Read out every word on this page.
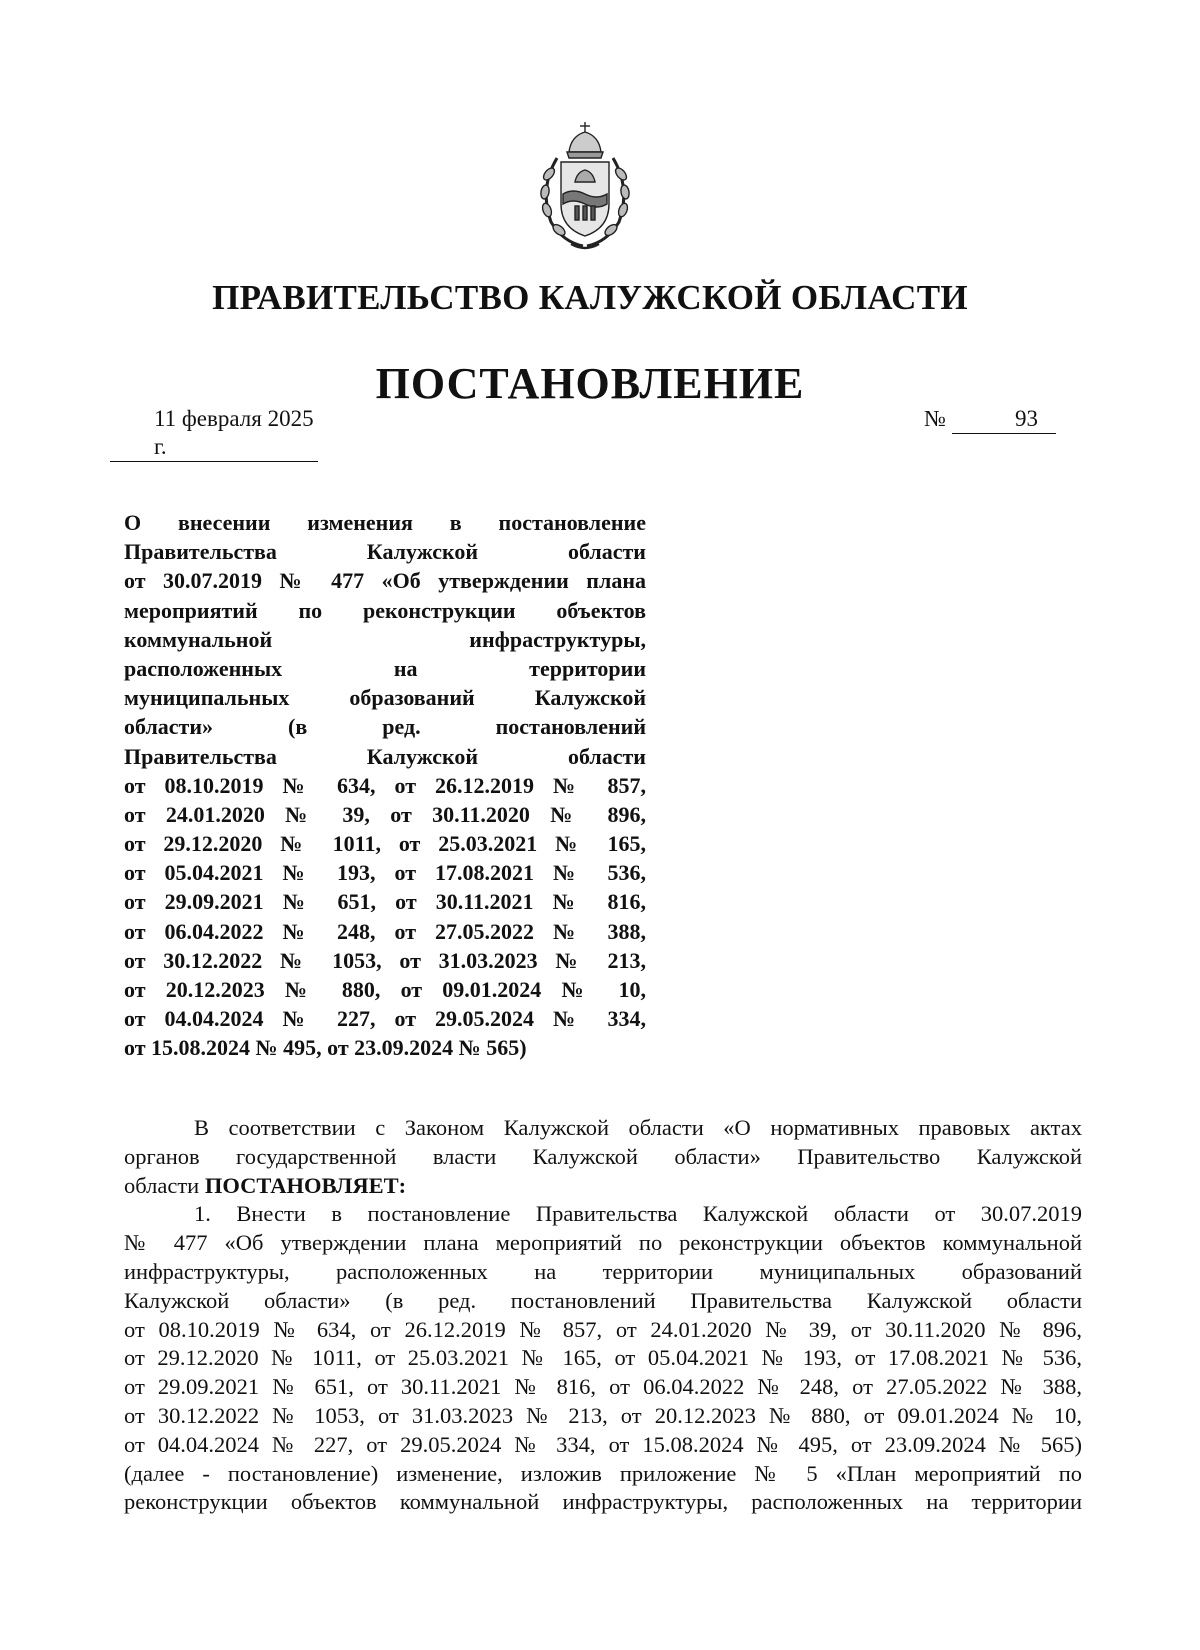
ПРАВИТЕЛЬСТВО КАЛУЖСКОЙ ОБЛАСТИ
ПОСТАНОВЛЕНИЕ
11 февраля 2025 г.
№	93
О внесении изменения в постановление
Правительства Калужской области
от 30.07.2019 № 477 «Об утверждении плана
мероприятий по реконструкции объектов
коммунальной инфраструктуры,
расположенных на территории
муниципальных образований Калужской
области» (в ред. постановлений
Правительства Калужской области
от 08.10.2019 № 634, от 26.12.2019 № 857,
от 24.01.2020 № 39, от 30.11.2020 № 896,
от 29.12.2020 № 1011, от 25.03.2021 № 165,
от 05.04.2021 № 193, от 17.08.2021 № 536,
от 29.09.2021 № 651, от 30.11.2021 № 816,
от 06.04.2022 № 248, от 27.05.2022 № 388,
от 30.12.2022 № 1053, от 31.03.2023 № 213,
от 20.12.2023 № 880, от 09.01.2024 № 10,
от 04.04.2024 № 227, от 29.05.2024 № 334,
от 15.08.2024 № 495, от 23.09.2024 № 565)
В соответствии с Законом Калужской области «О нормативных правовых актах
органов государственной власти Калужской области» Правительство Калужской
области ПОСТАНОВЛЯЕТ:
1. Внести в постановление Правительства Калужской области от 30.07.2019
№ 477 «Об утверждении плана мероприятий по реконструкции объектов коммунальной
инфраструктуры, расположенных на территории муниципальных образований
Калужской области» (в ред. постановлений Правительства Калужской области
от 08.10.2019 № 634, от 26.12.2019 № 857, от 24.01.2020 № 39, от 30.11.2020 № 896,
от 29.12.2020 № 1011, от 25.03.2021 № 165, от 05.04.2021 № 193, от 17.08.2021 № 536,
от 29.09.2021 № 651, от 30.11.2021 № 816, от 06.04.2022 № 248, от 27.05.2022 № 388,
от 30.12.2022 № 1053, от 31.03.2023 № 213, от 20.12.2023 № 880, от 09.01.2024 № 10,
от 04.04.2024 № 227, от 29.05.2024 № 334, от 15.08.2024 № 495, от 23.09.2024 № 565)
(далее - постановление) изменение, изложив приложение № 5 «План мероприятий по
реконструкции объектов коммунальной инфраструктуры, расположенных на территории
